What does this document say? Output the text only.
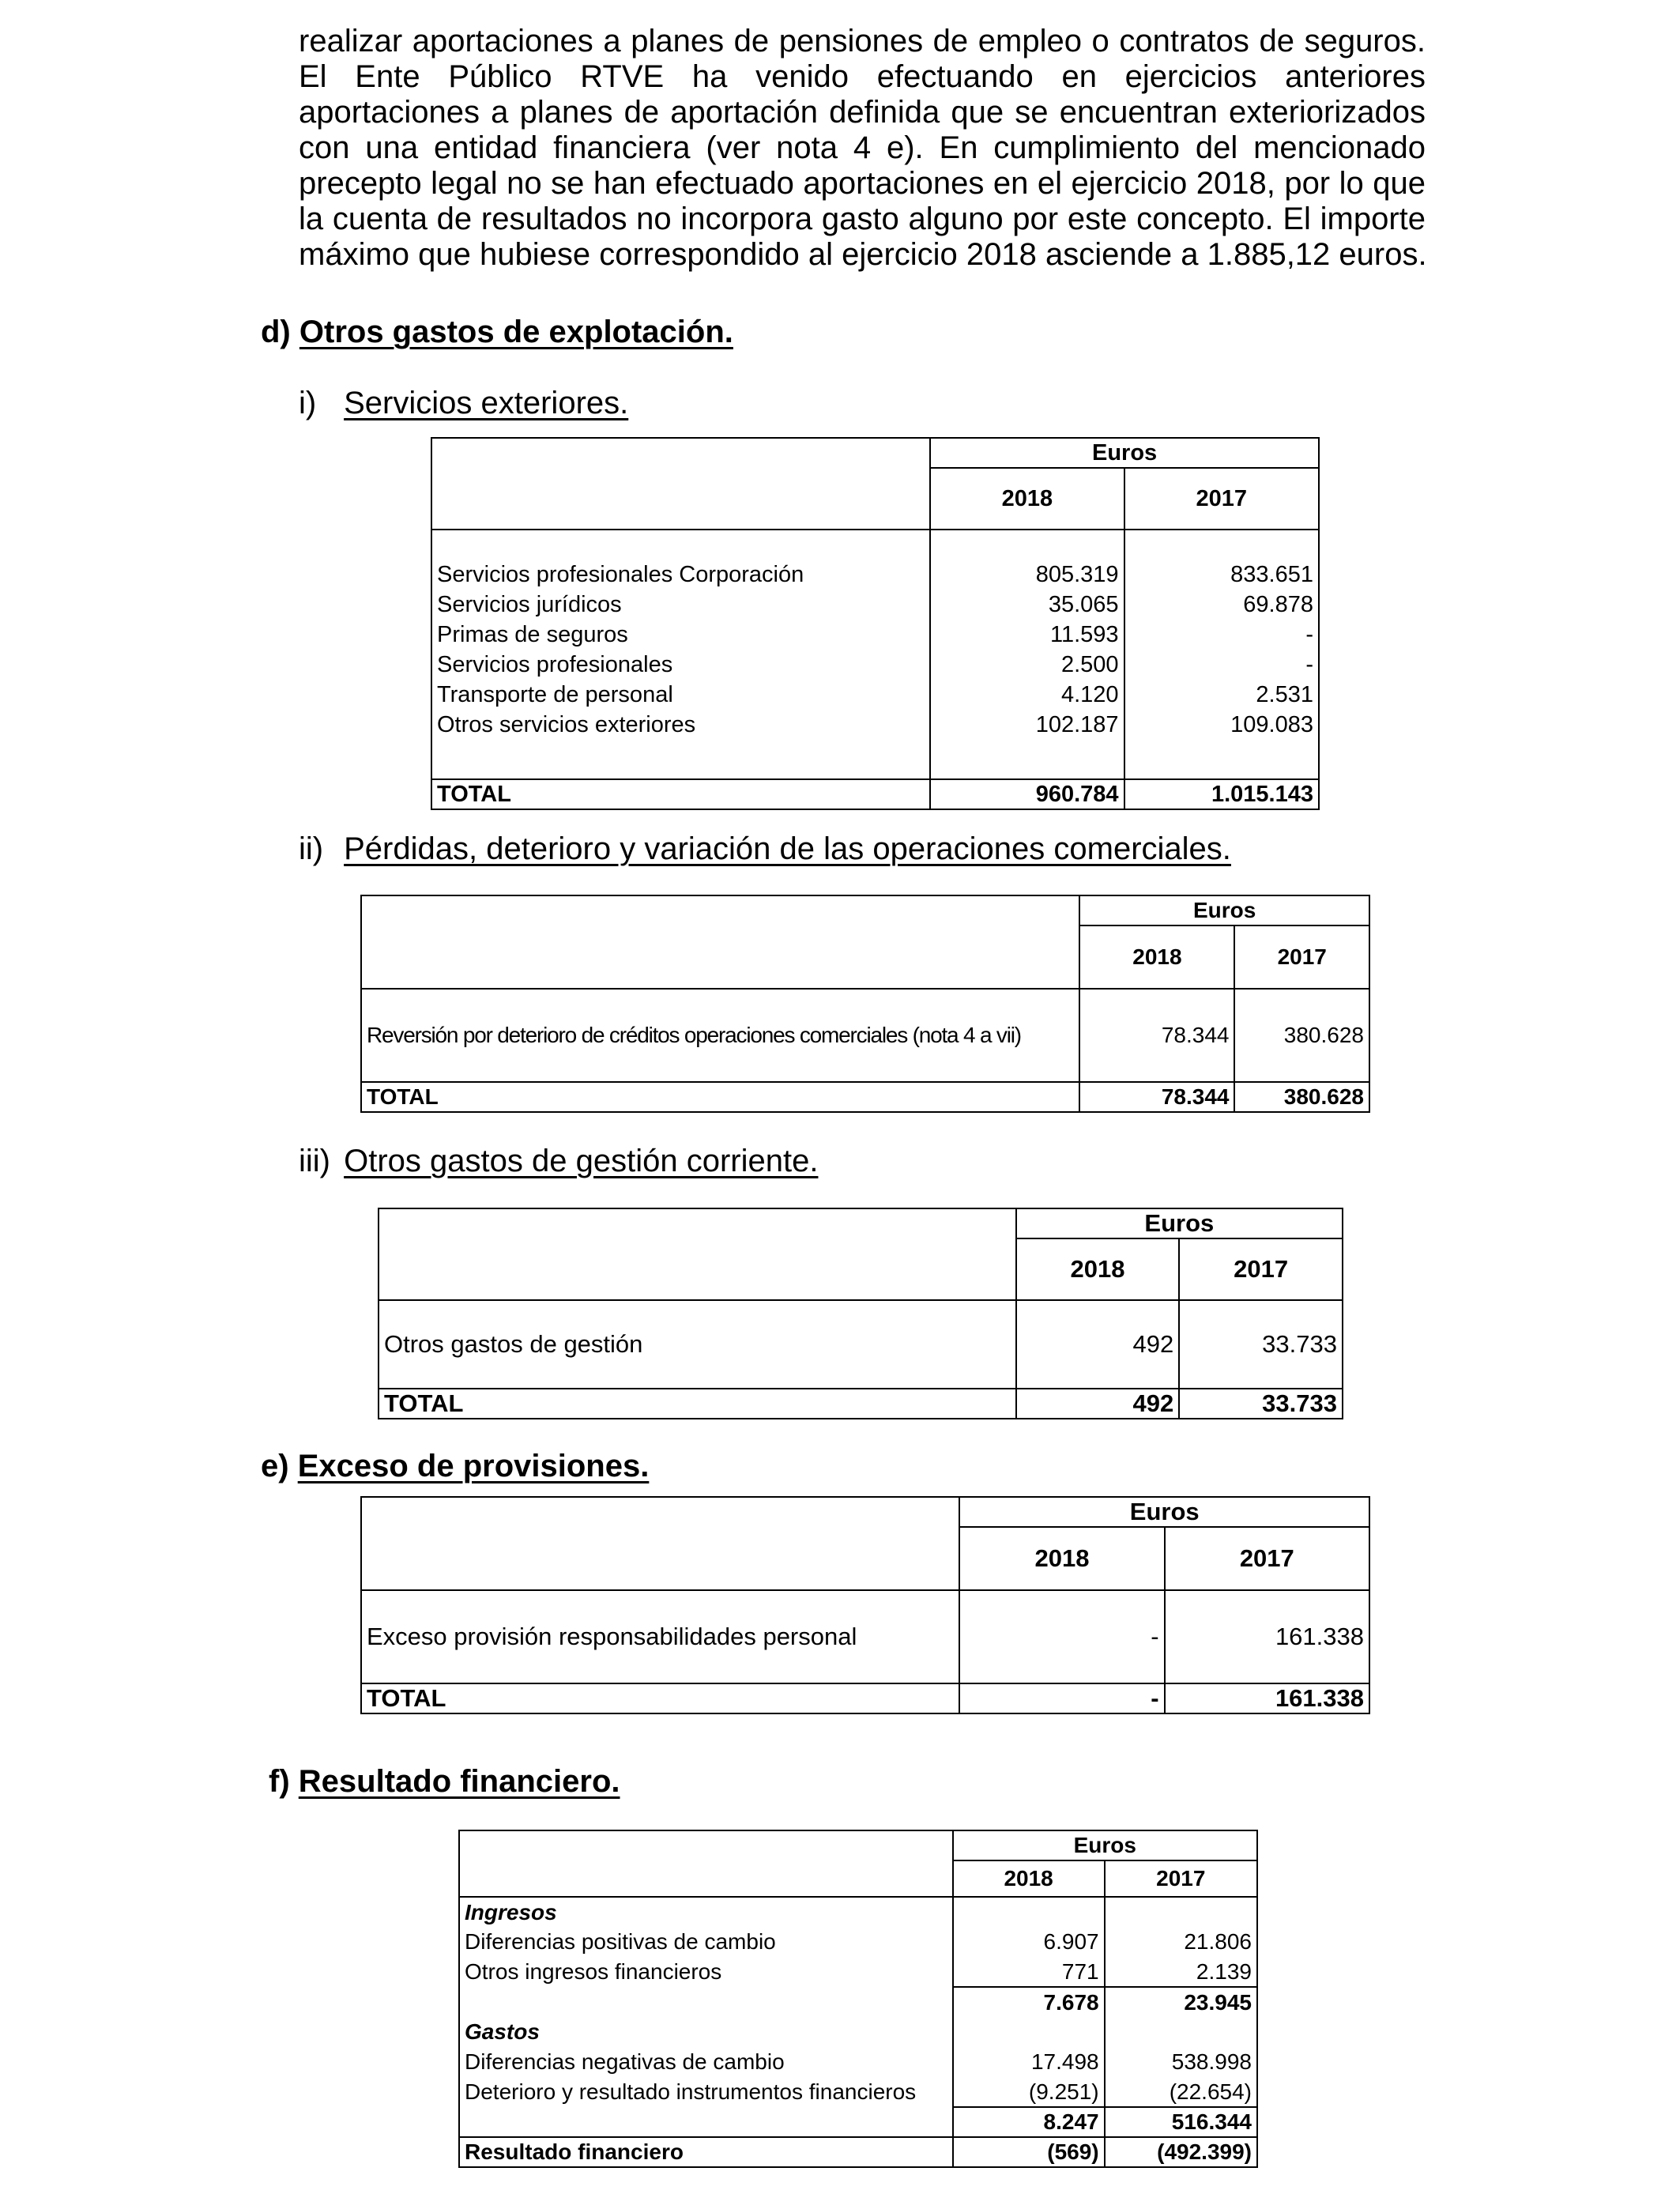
realizar aportaciones a planes de pensiones de empleo o contratos de seguros.
El Ente Público RTVE ha venido efectuando en ejercicios anteriores
aportaciones a planes de aportación definida que se encuentran exteriorizados
con una entidad financiera (ver nota 4 e). En cumplimiento del mencionado
precepto legal no se han efectuado aportaciones en el ejercicio 2018, por lo que
la cuenta de resultados no incorpora gasto alguno por este concepto. El importe
máximo que hubiese correspondido al ejercicio 2018 asciende a 1.885,12 euros.
d) Otros gastos de explotación.
i) Servicios exteriores.
	Euros	
	2018	2017

Servicios profesionales Corporación	805.319	833.651
Servicios jurídicos	35.065	69.878
Primas de seguros	11.593	-
Servicios profesionales	2.500	-
Transporte de personal	4.120	2.531
Otros servicios exteriores	102.187	109.083

TOTAL	960.784	1.015.143
ii) Pérdidas, deterioro y variación de las operaciones comerciales.
	Euros	
	2018	2017
Reversión por deterioro de créditos operaciones comerciales (nota 4 a vii)	78.344	380.628
TOTAL	78.344	380.628
iii) Otros gastos de gestión corriente.
	Euros	
	2018	2017
Otros gastos de gestión	492	33.733
TOTAL	492	33.733
e) Exceso de provisiones.
	Euros	
	2018	2017
Exceso provisión responsabilidades personal	-	161.338
TOTAL	-	161.338
f) Resultado financiero.
	Euros	
	2018	2017
Ingresos		
Diferencias positivas de cambio	6.907	21.806
Otros ingresos financieros	771	2.139
	7.678	23.945
Gastos		
Diferencias negativas de cambio	17.498	538.998
Deterioro y resultado instrumentos financieros	(9.251)	(22.654)
	8.247	516.344
Resultado financiero	(569)	(492.399)
